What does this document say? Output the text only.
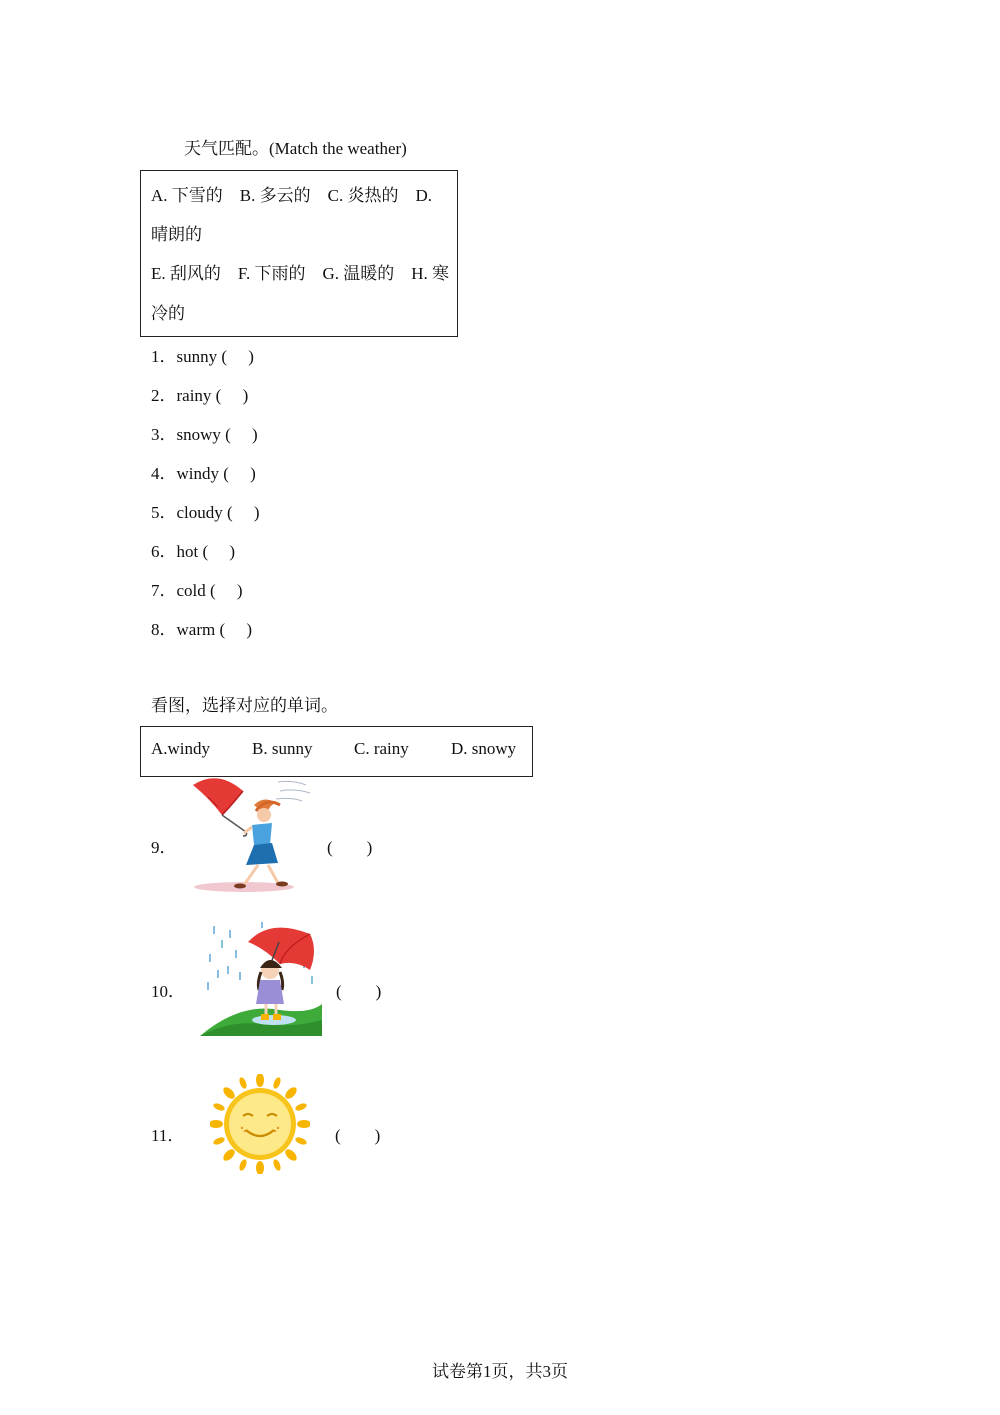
天气匹配。(Match the weather)
A. 下雪的　B. 多云的　C. 炎热的　D.
晴朗的
E. 刮风的　F. 下雨的　G. 温暖的　H. 寒
冷的
1．sunny (　 )
2．rainy (　 )
3．snowy (　 )
4．windy (　 )
5．cloudy (　 )
6．hot (　 )
7．cold (　 )
8．warm (　 )
看图，选择对应的单词。
A.windy B. sunny C. rainy D. snowy
9．	(　　)
10．	(　　)
11．	(　　)
试卷第1页，共3页
